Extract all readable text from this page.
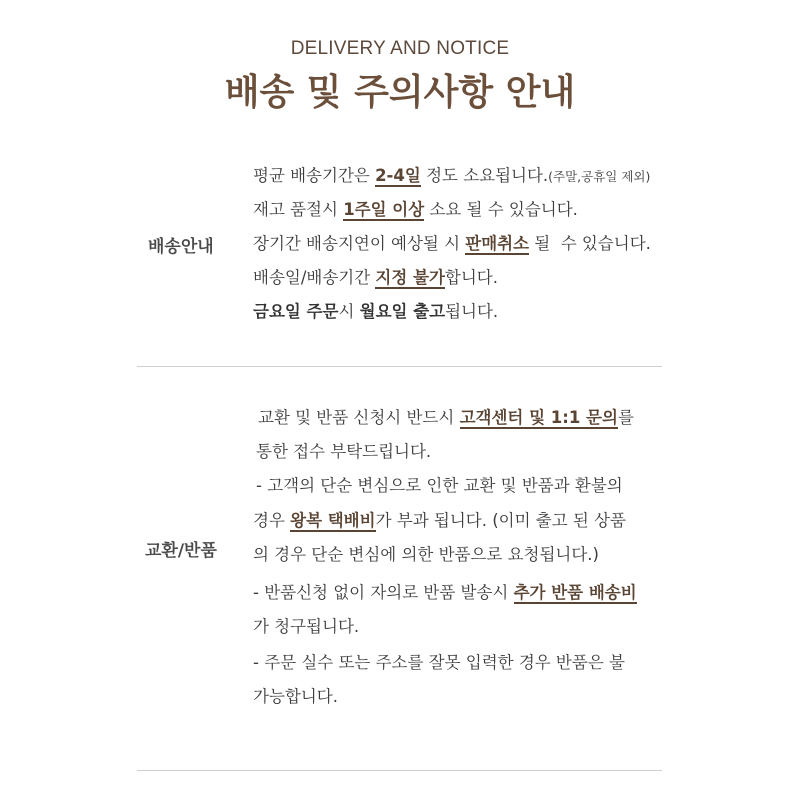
DELIVERY AND NOTICE
배송 및 주의사항 안내
배송안내
평균 배송기간은 2-4일 정도 소요됩니다.(주말,공휴일 제외)
재고 품절시 1주일 이상 소요 될 수 있습니다.
장기간 배송지연이 예상될 시 판매취소 될  수 있습니다.
배송일/배송기간 지정 불가합니다.
금요일 주문시 월요일 출고됩니다.
교환/반품
교환 및 반품 신청시 반드시 고객센터 및 1:1 문의를
통한 접수 부탁드립니다.
- 고객의 단순 변심으로 인한 교환 및 반품과 환불의
경우 왕복 택배비가 부과 됩니다. (이미 출고 된 상품
의 경우 단순 변심에 의한 반품으로 요청됩니다.)
- 반품신청 없이 자의로 반품 발송시 추가 반품 배송비
가 청구됩니다.
- 주문 실수 또는 주소를 잘못 입력한 경우 반품은 불
가능합니다.
